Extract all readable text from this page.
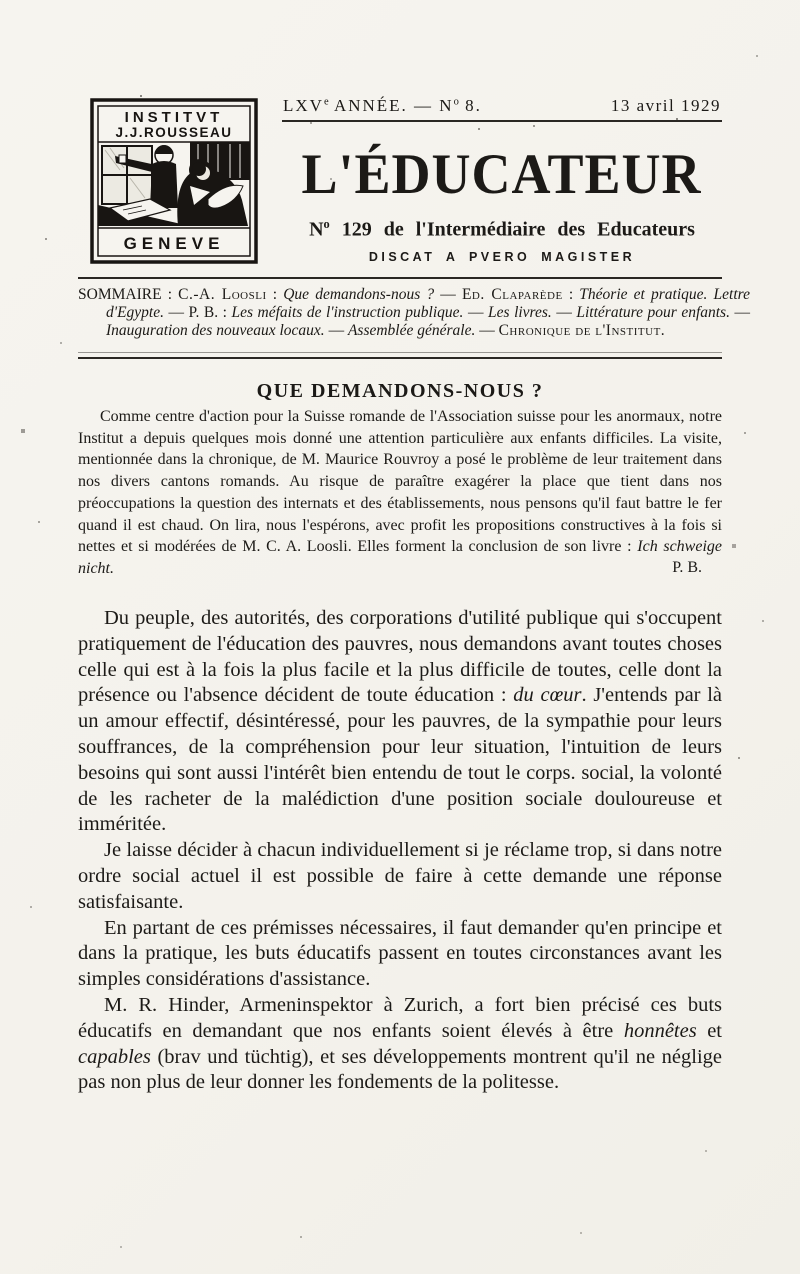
INSTITVT
J.J.ROUSSEAU
GENEVE
LXVe ANNÉE. — $N^o$ 8.	13 avril 1929
L'ÉDUCATEUR
$N^o$ 129 de l'Intermédiaire des Educateurs
DISCAT A PVERO MAGISTER

SOMMAIRE : C.-A. Loosli : Que demandons-nous ? — Ed. Claparède : Théorie et pratique. Lettre d'Egypte. — P. B. : Les méfaits de l'instruction publique. — Les livres. — Littérature pour enfants. — Inauguration des nouveaux locaux. — Assemblée générale. — Chronique de l'Institut.

QUE DEMANDONS-NOUS ?

Comme centre d'action pour la Suisse romande de l'Association suisse pour les anormaux, notre Institut a depuis quelques mois donné une attention particulière aux enfants difficiles. La visite, mentionnée dans la chronique, de M. Maurice Rouvroy a posé le problème de leur traitement dans nos divers cantons romands. Au risque de paraître exagérer la place que tient dans nos préoccupations la question des internats et des établissements, nous pensons qu'il faut battre le fer quand il est chaud. On lira, nous l'espérons, avec profit les propositions constructives à la fois si nettes et si modérées de M. C. A. Loosli. Elles forment la conclusion de son livre : Ich schweige nicht.	P. B.

Du peuple, des autorités, des corporations d'utilité publique qui s'occupent pratiquement de l'éducation des pauvres, nous demandons avant toutes choses celle qui est à la fois la plus facile et la plus difficile de toutes, celle dont la présence ou l'absence décident de toute éducation : du cœur. J'entends par là un amour effectif, désintéressé, pour les pauvres, de la sympathie pour leurs souffrances, de la compréhension pour leur situation, l'intuition de leurs besoins qui sont aussi l'intérêt bien entendu de tout le corps. social, la volonté de les racheter de la malédiction d'une position sociale douloureuse et imméritée.

Je laisse décider à chacun individuellement si je réclame trop, si dans notre ordre social actuel il est possible de faire à cette demande une réponse satisfaisante.

En partant de ces prémisses nécessaires, il faut demander qu'en principe et dans la pratique, les buts éducatifs passent en toutes circonstances avant les simples considérations d'assistance.

M. R. Hinder, Armeninspektor à Zurich, a fort bien précisé ces buts éducatifs en demandant que nos enfants soient élevés à être honnêtes et capables (brav und tüchtig), et ses développements montrent qu'il ne néglige pas non plus de leur donner les fondements de la politesse.
